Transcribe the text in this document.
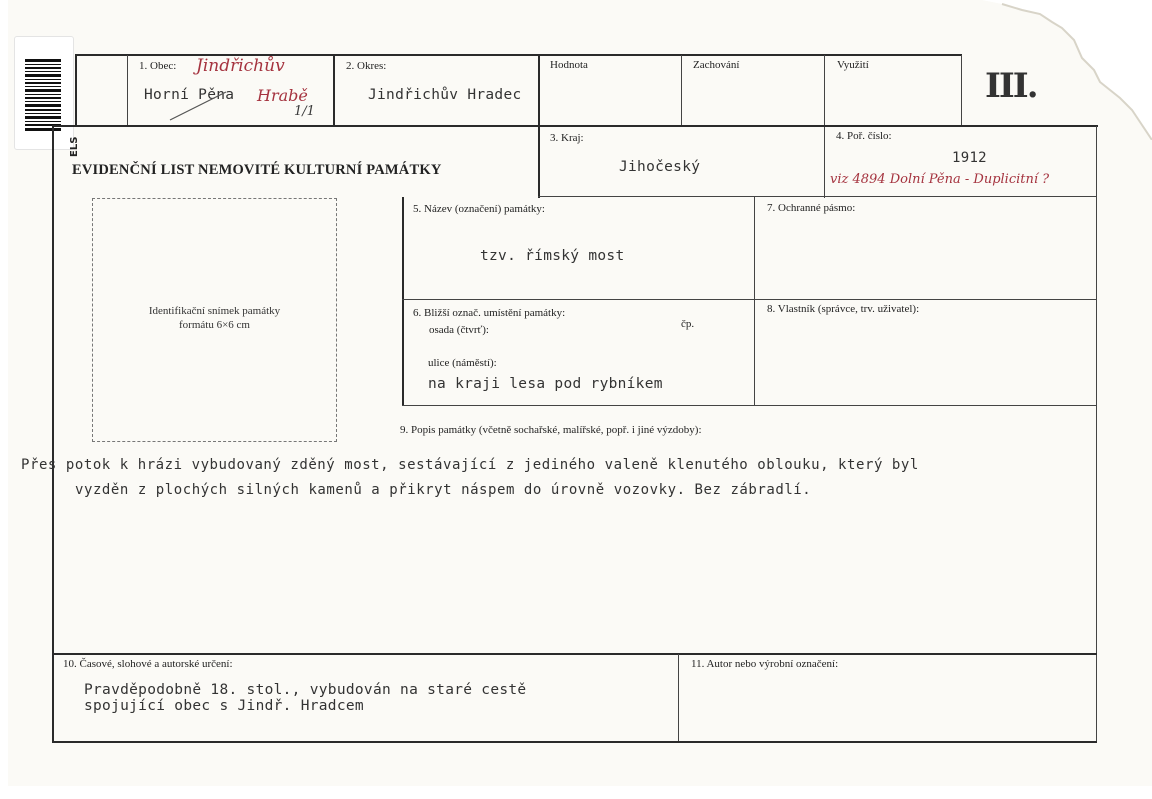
ELS
III.
1. Obec: Jindřichův
Horní Pěna Hrabě
1/1
2. Okres:
Jindřichův Hradec
Hodnota	Zachování	Využití
EVIDENČNÍ LIST NEMOVITÉ KULTURNÍ PAMÁTKY
3. Kraj:
Jihočeský
4. Poř. číslo:
1912
viz 4894 Dolní Pěna - Duplicitní ?
Identifikační snímek památky
formátu 6×6 cm
5. Název (označení) památky:
tzv. římský most
7. Ochranné pásmo:
6. Bližší označ. umístění památky:
osada (čtvrť):	čp.
ulice (náměstí):
na kraji lesa pod rybníkem
8. Vlastník (správce, trv. uživatel):
9. Popis památky (včetně sochařské, malířské, popř. i jiné výzdoby):
Přes potok k hrázi vybudovaný zděný most, sestávající z jediného valeně klenutého oblouku, který byl
vyzděn z plochých silných kamenů a přikryt náspem do úrovně vozovky. Bez zábradlí.
10. Časové, slohové a autorské určení:
Pravděpodobně 18. stol., vybudován na staré cestě
spojující obec s Jindř. Hradcem
11. Autor nebo výrobní označení:
